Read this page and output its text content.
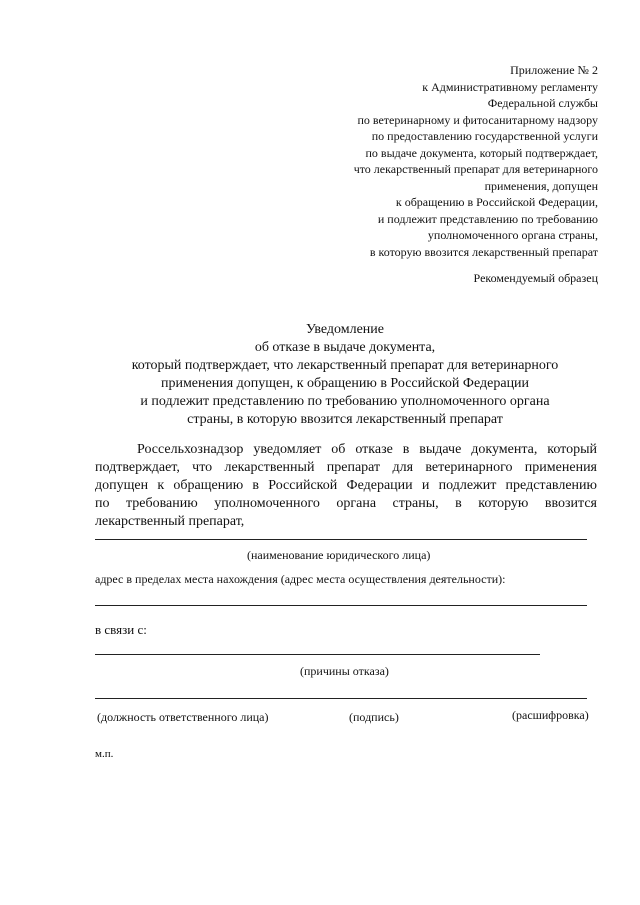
Приложение № 2
к Административному регламенту
Федеральной службы
по ветеринарному и фитосанитарному надзору
по предоставлению государственной услуги
по выдаче документа, который подтверждает,
что лекарственный препарат для ветеринарного
применения, допущен
к обращению в Российской Федерации,
и подлежит представлению по требованию
уполномоченного органа страны,
в которую ввозится лекарственный препарат
Рекомендуемый образец
Уведомление
об отказе в выдаче документа,
который подтверждает, что лекарственный препарат для ветеринарного
применения допущен, к обращению в Российской Федерации
и подлежит представлению по требованию уполномоченного органа
страны, в которую ввозится лекарственный препарат
Россельхознадзор уведомляет об отказе в выдаче документа, который
подтверждает, что лекарственный препарат для ветеринарного применения
допущен к обращению в Российской Федерации и подлежит представлению
по требованию уполномоченного органа страны, в которую ввозится
лекарственный препарат,
(наименование юридического лица)
адрес в пределах места нахождения (адрес места осуществления деятельности):
в связи с:
(причины отказа)
(должность ответственного лица)	(подпись)	(расшифровка)
м.п.
